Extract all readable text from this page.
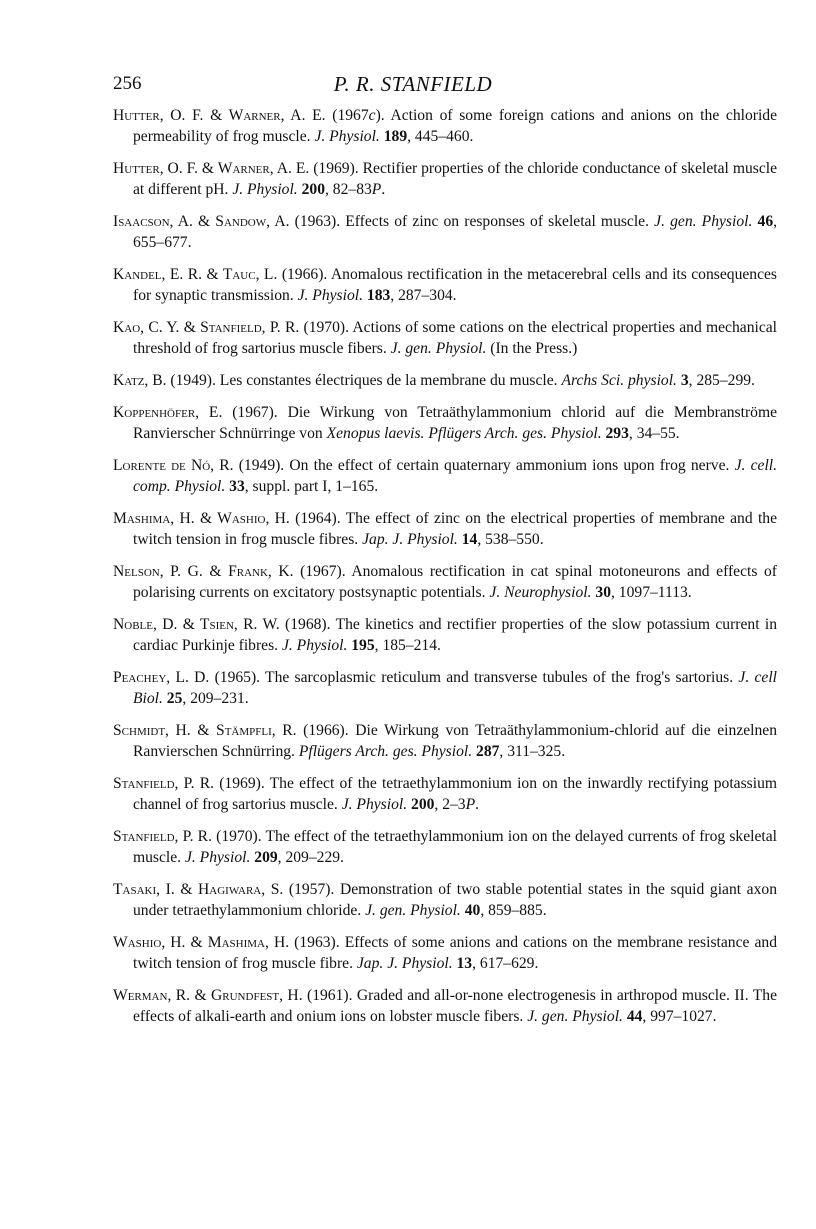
256	P. R. STANFIELD

Hutter, O. F. & Warner, A. E. (1967c). Action of some foreign cations and anions on the chloride permeability of frog muscle. J. Physiol. 189, 445–460.

Hutter, O. F. & Warner, A. E. (1969). Rectifier properties of the chloride conductance of skeletal muscle at different pH. J. Physiol. 200, 82–83P.

Isaacson, A. & Sandow, A. (1963). Effects of zinc on responses of skeletal muscle. J. gen. Physiol. 46, 655–677.

Kandel, E. R. & Tauc, L. (1966). Anomalous rectification in the metacerebral cells and its consequences for synaptic transmission. J. Physiol. 183, 287–304.

Kao, C. Y. & Stanfield, P. R. (1970). Actions of some cations on the electrical properties and mechanical threshold of frog sartorius muscle fibers. J. gen. Physiol. (In the Press.)

Katz, B. (1949). Les constantes électriques de la membrane du muscle. Archs Sci. physiol. 3, 285–299.

Koppenhöfer, E. (1967). Die Wirkung von Tetraäthylammonium chlorid auf die Membranströme Ranvierscher Schnürringe von Xenopus laevis. Pflügers Arch. ges. Physiol. 293, 34–55.

Lorente de Nó, R. (1949). On the effect of certain quaternary ammonium ions upon frog nerve. J. cell. comp. Physiol. 33, suppl. part I, 1–165.

Mashima, H. & Washio, H. (1964). The effect of zinc on the electrical properties of membrane and the twitch tension in frog muscle fibres. Jap. J. Physiol. 14, 538–550.

Nelson, P. G. & Frank, K. (1967). Anomalous rectification in cat spinal motoneurons and effects of polarising currents on excitatory postsynaptic potentials. J. Neurophysiol. 30, 1097–1113.

Noble, D. & Tsien, R. W. (1968). The kinetics and rectifier properties of the slow potassium current in cardiac Purkinje fibres. J. Physiol. 195, 185–214.

Peachey, L. D. (1965). The sarcoplasmic reticulum and transverse tubules of the frog's sartorius. J. cell Biol. 25, 209–231.

Schmidt, H. & Stämpfli, R. (1966). Die Wirkung von Tetraäthylammonium-chlorid auf die einzelnen Ranvierschen Schnürring. Pflügers Arch. ges. Physiol. 287, 311–325.

Stanfield, P. R. (1969). The effect of the tetraethylammonium ion on the inwardly rectifying potassium channel of frog sartorius muscle. J. Physiol. 200, 2–3P.

Stanfield, P. R. (1970). The effect of the tetraethylammonium ion on the delayed currents of frog skeletal muscle. J. Physiol. 209, 209–229.

Tasaki, I. & Hagiwara, S. (1957). Demonstration of two stable potential states in the squid giant axon under tetraethylammonium chloride. J. gen. Physiol. 40, 859–885.

Washio, H. & Mashima, H. (1963). Effects of some anions and cations on the membrane resistance and twitch tension of frog muscle fibre. Jap. J. Physiol. 13, 617–629.

Werman, R. & Grundfest, H. (1961). Graded and all-or-none electrogenesis in arthropod muscle. II. The effects of alkali-earth and onium ions on lobster muscle fibers. J. gen. Physiol. 44, 997–1027.
